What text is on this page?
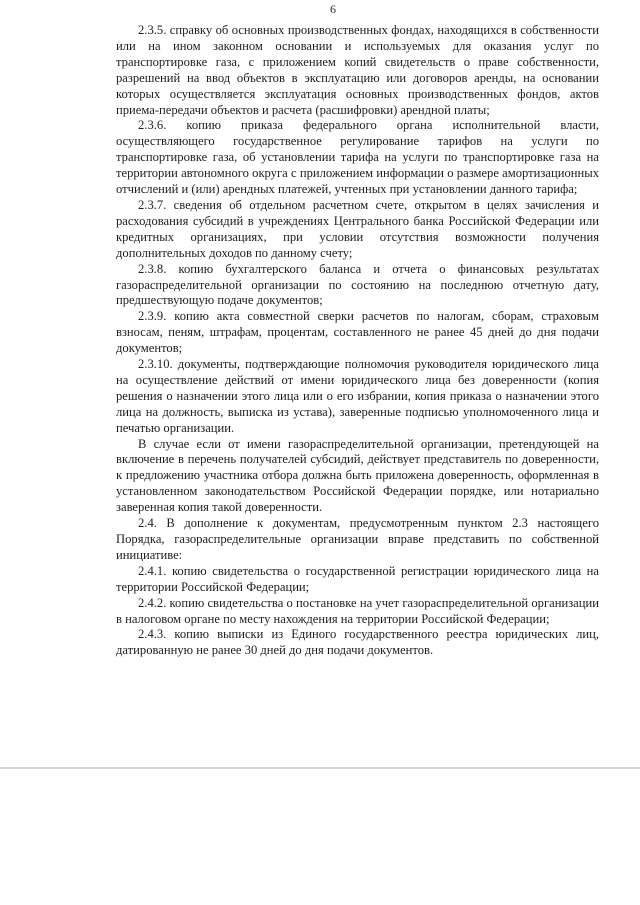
6

2.3.5. справку об основных производственных фондах, находящихся в собственности или на ином законном основании и используемых для оказания услуг по транспортировке газа, с приложением копий свидетельств о праве собственности, разрешений на ввод объектов в эксплуатацию или договоров аренды, на основании которых осуществляется эксплуатация основных производственных фондов, актов приема-передачи объектов и расчета (расшифровки) арендной платы;

2.3.6. копию приказа федерального органа исполнительной власти, осуществляющего государственное регулирование тарифов на услуги по транспортировке газа, об установлении тарифа на услуги по транспортировке газа на территории автономного округа с приложением информации о размере амортизационных отчислений и (или) арендных платежей, учтенных при установлении данного тарифа;

2.3.7. сведения об отдельном расчетном счете, открытом в целях зачисления и расходования субсидий в учреждениях Центрального банка Российской Федерации или кредитных организациях, при условии отсутствия возможности получения дополнительных доходов по данному счету;

2.3.8. копию бухгалтерского баланса и отчета о финансовых результатах газораспределительной организации по состоянию на последнюю отчетную дату, предшествующую подаче документов;

2.3.9. копию акта совместной сверки расчетов по налогам, сборам, страховым взносам, пеням, штрафам, процентам, составленного не ранее 45 дней до дня подачи документов;

2.3.10. документы, подтверждающие полномочия руководителя юридического лица на осуществление действий от имени юридического лица без доверенности (копия решения о назначении этого лица или о его избрании, копия приказа о назначении этого лица на должность, выписка из устава), заверенные подписью уполномоченного лица и печатью организации.

В случае если от имени газораспределительной организации, претендующей на включение в перечень получателей субсидий, действует представитель по доверенности, к предложению участника отбора должна быть приложена доверенность, оформленная в установленном законодательством Российской Федерации порядке, или нотариально заверенная копия такой доверенности.

2.4. В дополнение к документам, предусмотренным пунктом 2.3 настоящего Порядка, газораспределительные организации вправе представить по собственной инициативе:

2.4.1. копию свидетельства о государственной регистрации юридического лица на территории Российской Федерации;

2.4.2. копию свидетельства о постановке на учет газораспределительной организации в налоговом органе по месту нахождения на территории Российской Федерации;

2.4.3. копию выписки из Единого государственного реестра юридических лиц, датированную не ранее 30 дней до дня подачи документов.
